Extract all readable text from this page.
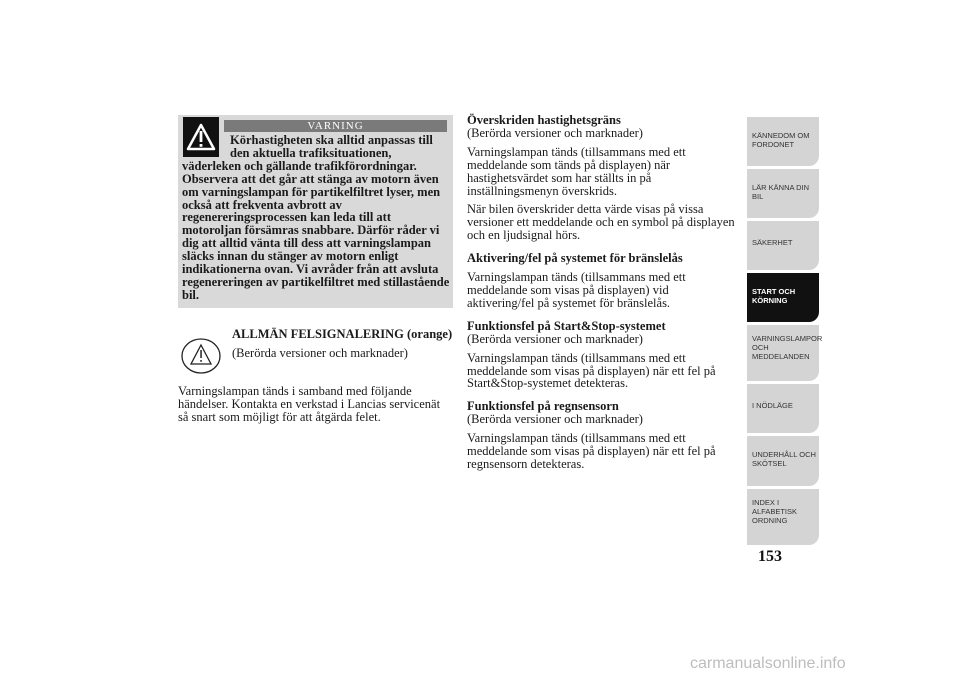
VARNING
Körhastigheten ska alltid anpassas till den aktuella trafiksituationen,
väderleken och gällande trafikförordningar. Observera att det går att stänga av motorn även om varningslampan för partikelfiltret lyser, men också att frekventa avbrott av regenereringsprocessen kan leda till att motoroljan försämras snabbare. Därför råder vi dig att alltid vänta till dess att varningslampan släcks innan du stänger av motorn enligt indikationerna ovan. Vi avråder från att avsluta regenereringen av partikelfiltret med stillastående bil.
ALLMÄN FELSIGNALERING (orange)
(Berörda versioner och marknader)
Varningslampan tänds i samband med följande händelser. Kontakta en verkstad i Lancias servicenät så snart som möjligt för att åtgärda felet.
Överskriden hastighetsgräns

(Berörda versioner och marknader)

Varningslampan tänds (tillsammans med ett meddelande som tänds på displayen) när hastighetsvärdet som har ställts in på inställningsmenyn överskrids.

När bilen överskrider detta värde visas på vissa versioner ett meddelande och en symbol på displayen och en ljudsignal hörs.

Aktivering/fel på systemet för bränslelås

Varningslampan tänds (tillsammans med ett meddelande som visas på displayen) vid aktivering/fel på systemet för bränslelås.

Funktionsfel på Start&Stop-systemet

(Berörda versioner och marknader)

Varningslampan tänds (tillsammans med ett meddelande som visas på displayen) när ett fel på Start&Stop-systemet detekteras.

Funktionsfel på regnsensorn

(Berörda versioner och marknader)

Varningslampan tänds (tillsammans med ett meddelande som visas på displayen) när ett fel på regnsensorn detekteras.

KÄNNEDOM OM
FORDONET
LÄR KÄNNA DIN
BIL
SÄKERHET
START OCH
KÖRNING
VARNINGSLAMPOR
OCH
MEDDELANDEN
I NÖDLÄGE
UNDERHÅLL OCH
SKÖTSEL
INDEX I
ALFABETISK
ORDNING
153
carmanualsonline.info
